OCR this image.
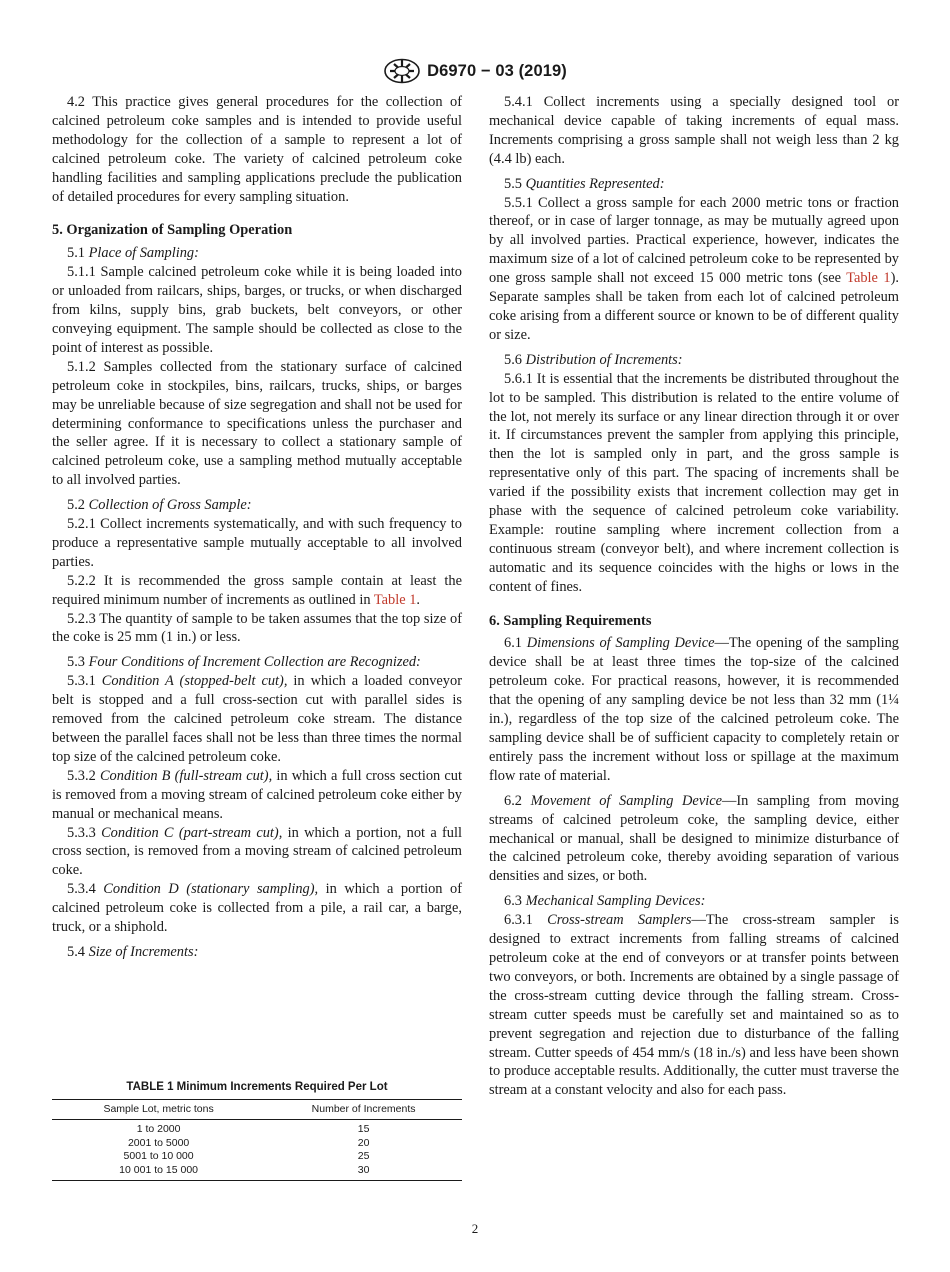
D6970 − 03 (2019)

4.2 This practice gives general procedures for the collection of calcined petroleum coke samples and is intended to provide useful methodology for the collection of a sample to represent a lot of calcined petroleum coke. The variety of calcined petroleum coke handling facilities and sampling applications preclude the publication of detailed procedures for every sampling situation.

5. Organization of Sampling Operation

5.1 Place of Sampling:

5.1.1 Sample calcined petroleum coke while it is being loaded into or unloaded from railcars, ships, barges, or trucks, or when discharged from kilns, supply bins, grab buckets, belt conveyors, or other conveying equipment. The sample should be collected as close to the point of interest as possible.

5.1.2 Samples collected from the stationary surface of calcined petroleum coke in stockpiles, bins, railcars, trucks, ships, or barges may be unreliable because of size segregation and shall not be used for determining conformance to specifications unless the purchaser and the seller agree. If it is necessary to collect a stationary sample of calcined petroleum coke, use a sampling method mutually acceptable to all involved parties.

5.2 Collection of Gross Sample:

5.2.1 Collect increments systematically, and with such frequency to produce a representative sample mutually acceptable to all involved parties.

5.2.2 It is recommended the gross sample contain at least the required minimum number of increments as outlined in Table 1.

5.2.3 The quantity of sample to be taken assumes that the top size of the coke is 25 mm (1 in.) or less.

5.3 Four Conditions of Increment Collection are Recognized:

5.3.1 Condition A (stopped-belt cut), in which a loaded conveyor belt is stopped and a full cross-section cut with parallel sides is removed from the calcined petroleum coke stream. The distance between the parallel faces shall not be less than three times the normal top size of the calcined petroleum coke.

5.3.2 Condition B (full-stream cut), in which a full cross section cut is removed from a moving stream of calcined petroleum coke either by manual or mechanical means.

5.3.3 Condition C (part-stream cut), in which a portion, not a full cross section, is removed from a moving stream of calcined petroleum coke.

5.3.4 Condition D (stationary sampling), in which a portion of calcined petroleum coke is collected from a pile, a rail car, a barge, truck, or a shiphold.

5.4 Size of Increments:

TABLE 1 Minimum Increments Required Per Lot
Sample Lot, metric tons	Number of Increments
1 to 2000	15
2001 to 5000	20
5001 to 10 000	25
10 001 to 15 000	30

5.4.1 Collect increments using a specially designed tool or mechanical device capable of taking increments of equal mass. Increments comprising a gross sample shall not weigh less than 2 kg (4.4 lb) each.

5.5 Quantities Represented:

5.5.1 Collect a gross sample for each 2000 metric tons or fraction thereof, or in case of larger tonnage, as may be mutually agreed upon by all involved parties. Practical experience, however, indicates the maximum size of a lot of calcined petroleum coke to be represented by one gross sample shall not exceed 15 000 metric tons (see Table 1). Separate samples shall be taken from each lot of calcined petroleum coke arising from a different source or known to be of different quality or size.

5.6 Distribution of Increments:

5.6.1 It is essential that the increments be distributed throughout the lot to be sampled. This distribution is related to the entire volume of the lot, not merely its surface or any linear direction through it or over it. If circumstances prevent the sampler from applying this principle, then the lot is sampled only in part, and the gross sample is representative only of this part. The spacing of increments shall be varied if the possibility exists that increment collection may get in phase with the sequence of calcined petroleum coke variability. Example: routine sampling where increment collection from a continuous stream (conveyor belt), and where increment collection is automatic and its sequence coincides with the highs or lows in the content of fines.

6. Sampling Requirements

6.1 Dimensions of Sampling Device—The opening of the sampling device shall be at least three times the top-size of the calcined petroleum coke. For practical reasons, however, it is recommended that the opening of any sampling device be not less than 32 mm (1¼ in.), regardless of the top size of the calcined petroleum coke. The sampling device shall be of sufficient capacity to completely retain or entirely pass the increment without loss or spillage at the maximum flow rate of material.

6.2 Movement of Sampling Device—In sampling from moving streams of calcined petroleum coke, the sampling device, either mechanical or manual, shall be designed to minimize disturbance of the calcined petroleum coke, thereby avoiding separation of various densities and sizes, or both.

6.3 Mechanical Sampling Devices:

6.3.1 Cross-stream Samplers—The cross-stream sampler is designed to extract increments from falling streams of calcined petroleum coke at the end of conveyors or at transfer points between two conveyors, or both. Increments are obtained by a single passage of the cross-stream cutting device through the falling stream. Cross-stream cutter speeds must be carefully set and maintained so as to prevent segregation and rejection due to disturbance of the falling stream. Cutter speeds of 454 mm/s (18 in./s) and less have been shown to produce acceptable results. Additionally, the cutter must traverse the stream at a constant velocity and also for each pass.

2
